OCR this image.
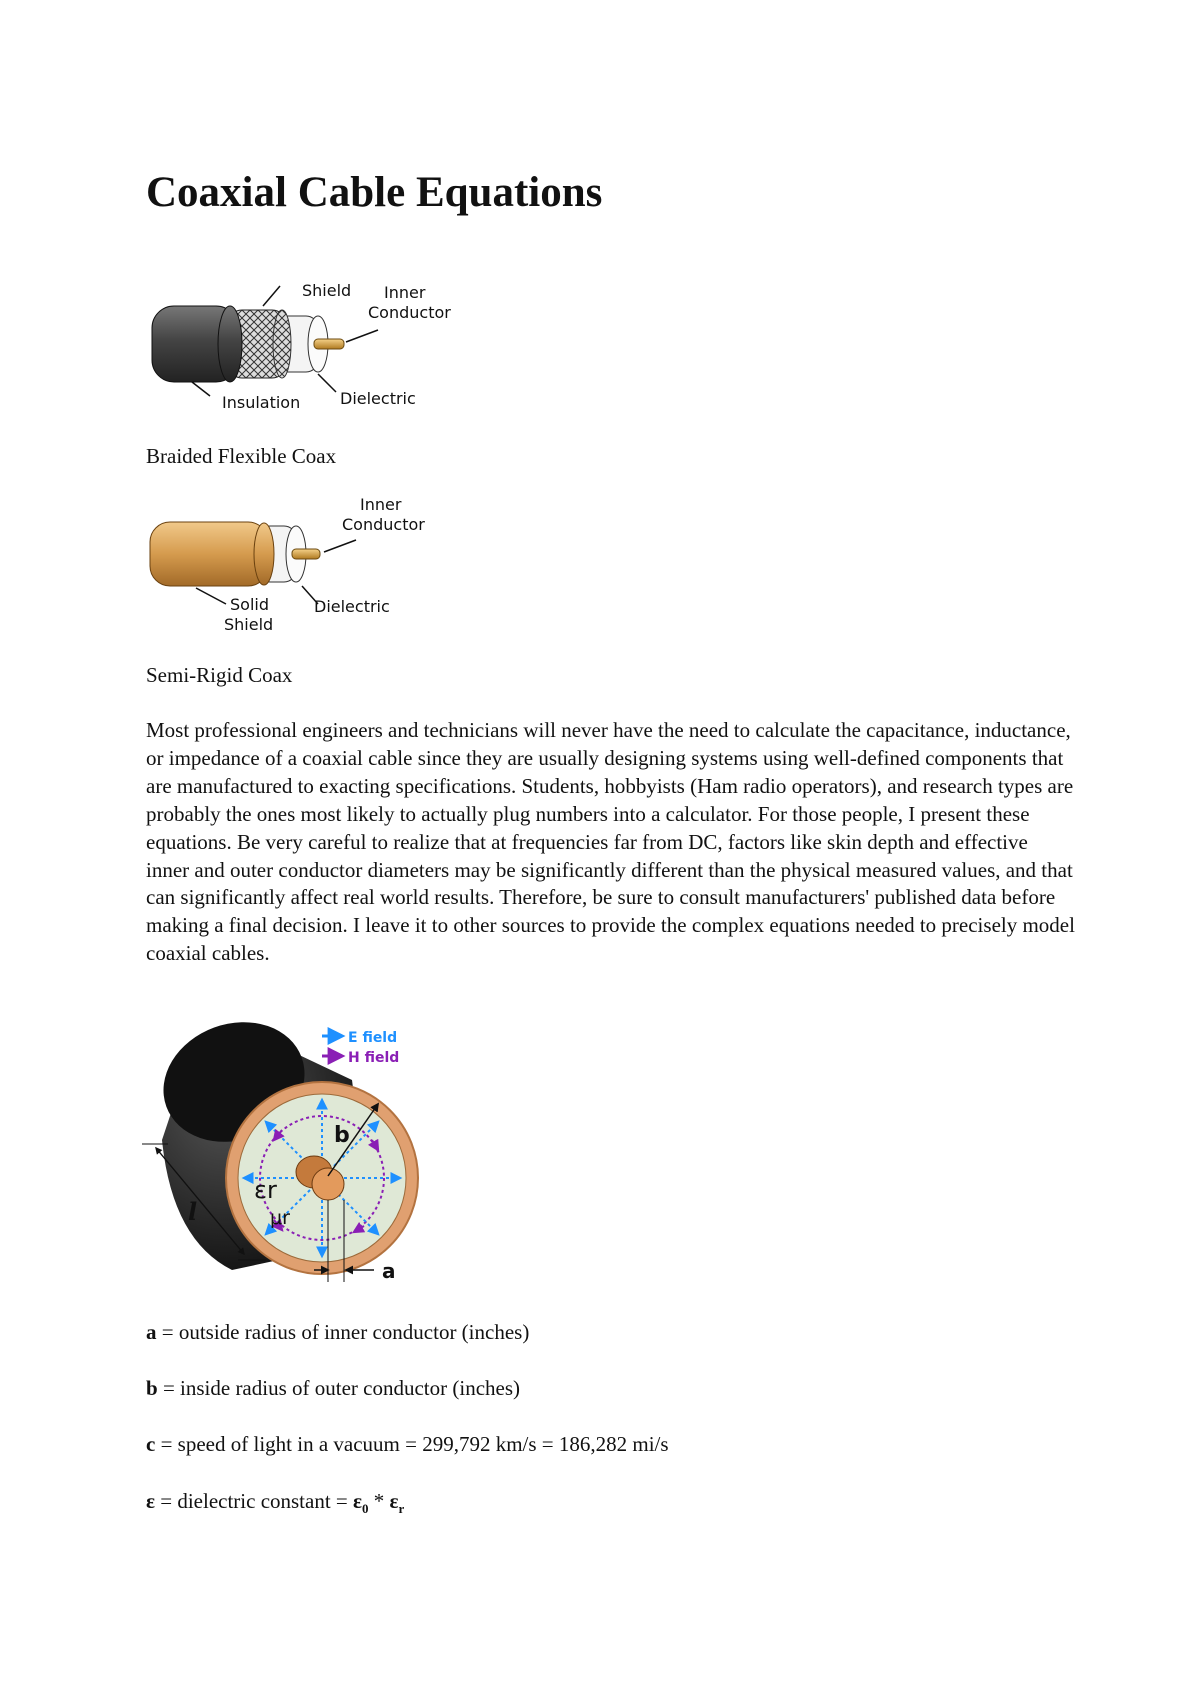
Coaxial Cable Equations
Shield Inner
Conductor
Insulation Dielectric

Braided Flexible Coax

Inner
Conductor
Solid
Shield
Dielectric

Semi-Rigid Coax

Most professional engineers and technicians will never have the need to calculate the capacitance, inductance, or impedance of a coaxial cable since they are usually designing systems using well-defined components that are manufactured to exacting specifications. Students, hobbyists (Ham radio operators), and research types are probably the ones most likely to actually plug numbers into a calculator. For those people, I present these equations. Be very careful to realize that at frequencies far from DC, factors like skin depth and effective inner and outer conductor diameters may be significantly different than the physical measured values, and that can significantly affect real world results. Therefore, be sure to consult manufacturers' published data before making a final decision. I leave it to other sources to provide the complex equations needed to precisely model coaxial cables.

b
εr
μr
a
l
E field
H field

a = outside radius of inner conductor (inches)

b = inside radius of outer conductor (inches)

c = speed of light in a vacuum = 299,792 km/s = 186,282 mi/s

ε = dielectric constant = $\varepsilon_0 * \varepsilon_r$
